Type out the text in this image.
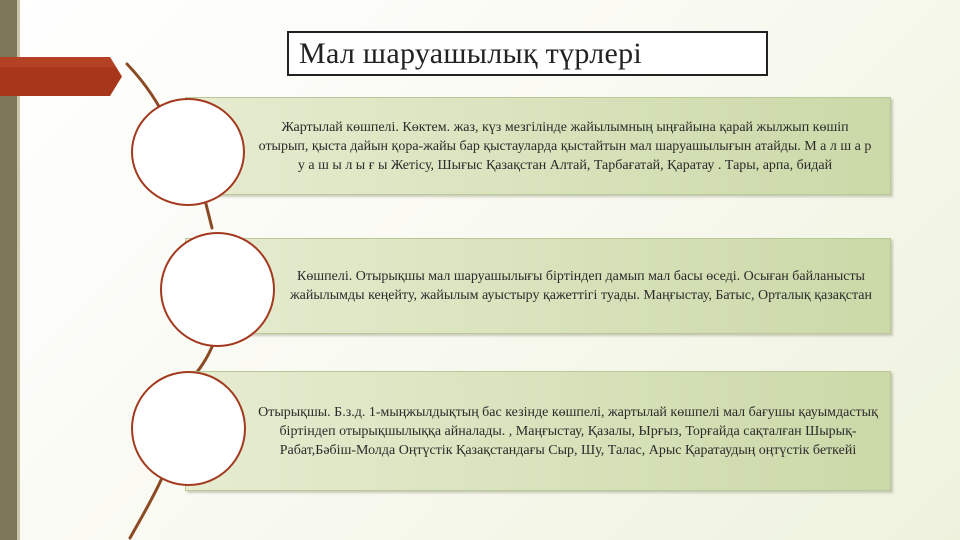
Мал шаруашылық түрлері
Жартылай көшпелі. Көктем. жаз, күз мезгілінде жайылымның ыңғайына қарай жылжып көшіп отырып, қыста дайын қора-жайы бар қыстауларда қыстайтын мал шаруашылығын атайды. М а л ш а р у а ш ы л ы ғ ы Жетісу, Шығыс Қазақстан Алтай, Тарбағатай, Қаратау . Тары, арпа, бидай
Көшпелі. Отырықшы мал шаруашылығы біртіндеп дамып мал басы өседі. Осыған байланысты жайылымды кеңейту, жайылым ауыстыру қажеттігі туады. Маңғыстау, Батыс, Орталық қазақстан
Отырықшы. Б.з.д. 1-мыңжылдықтың бас кезінде көшпелі, жартылай көшпелі мал бағушы қауымдастық біртіндеп отырықшылыққа айналады. , Маңғыстау, Қазалы, Ырғыз, Торғайда сақталған Шырық-Рабат,Бәбіш-Молда Оңтүстік Қазақстандағы Сыр, Шу, Талас, Арыс Қаратаудың оңтүстік беткейі
